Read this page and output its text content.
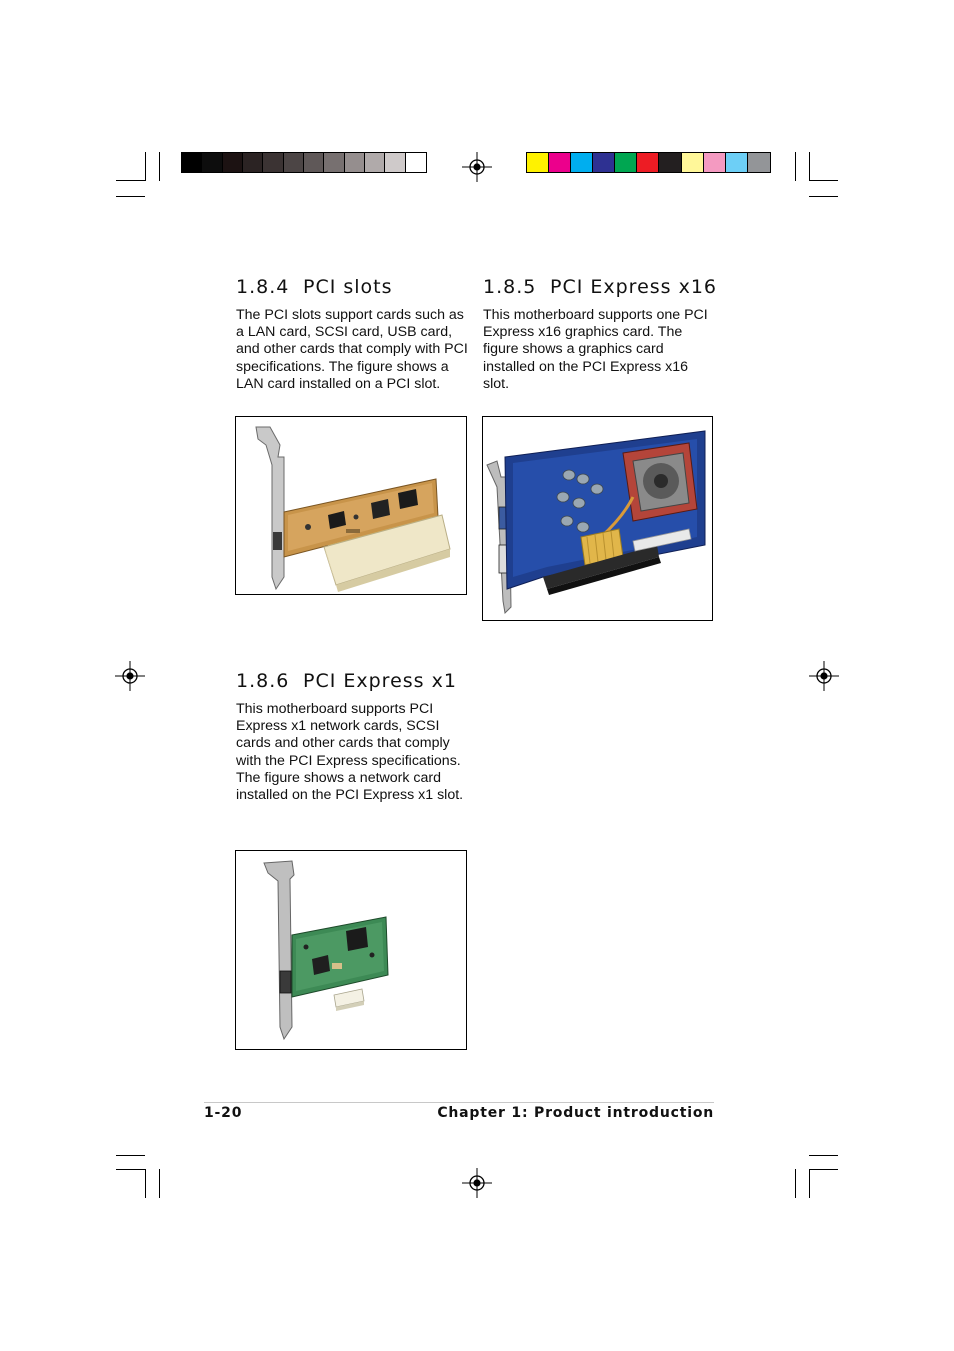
1.8.4 PCI slots

The PCI slots support cards such as a LAN card, SCSI card, USB card, and other cards that comply with PCI specifications. The figure shows a LAN card installed on a PCI slot.

1.8.5 PCI Express x16

This motherboard supports one PCI Express x16 graphics card. The figure shows a graphics card installed on the PCI Express x16 slot.

1.8.6 PCI Express x1

This motherboard supports PCI Express x1 network cards, SCSI cards and other cards that comply with the PCI Express specifications. The figure shows a network card installed on the PCI Express x1 slot.

1-20	Chapter 1: Product introduction
